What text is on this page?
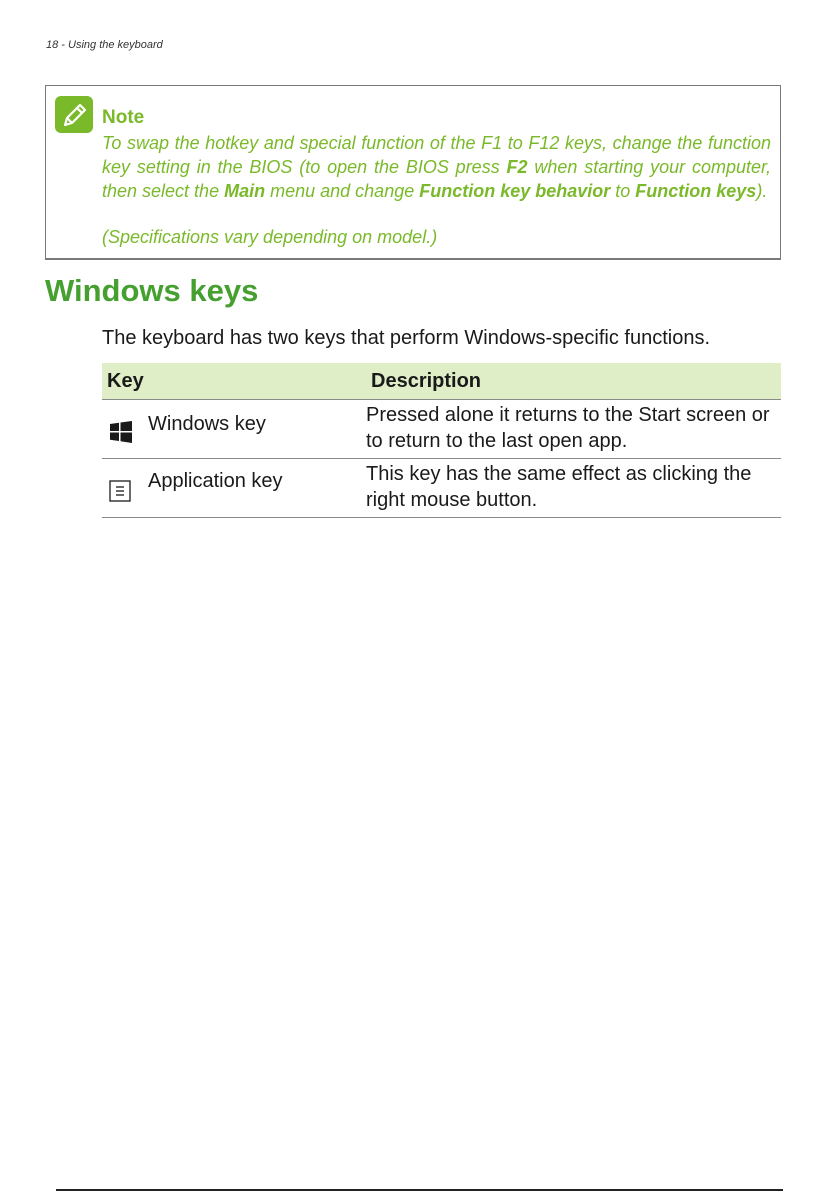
18 - Using the keyboard
Note
To swap the hotkey and special function of the F1 to F12 keys, change the function key setting in the BIOS (to open the BIOS press F2 when starting your computer, then select the Main menu and change Function key behavior to Function keys).
(Specifications vary depending on model.)
Windows keys
The keyboard has two keys that perform Windows-specific functions.
Key	Description

Windows key	Pressed alone it returns to the Start screen or to return to the last open app.

Application key	This key has the same effect as clicking the right mouse button.
